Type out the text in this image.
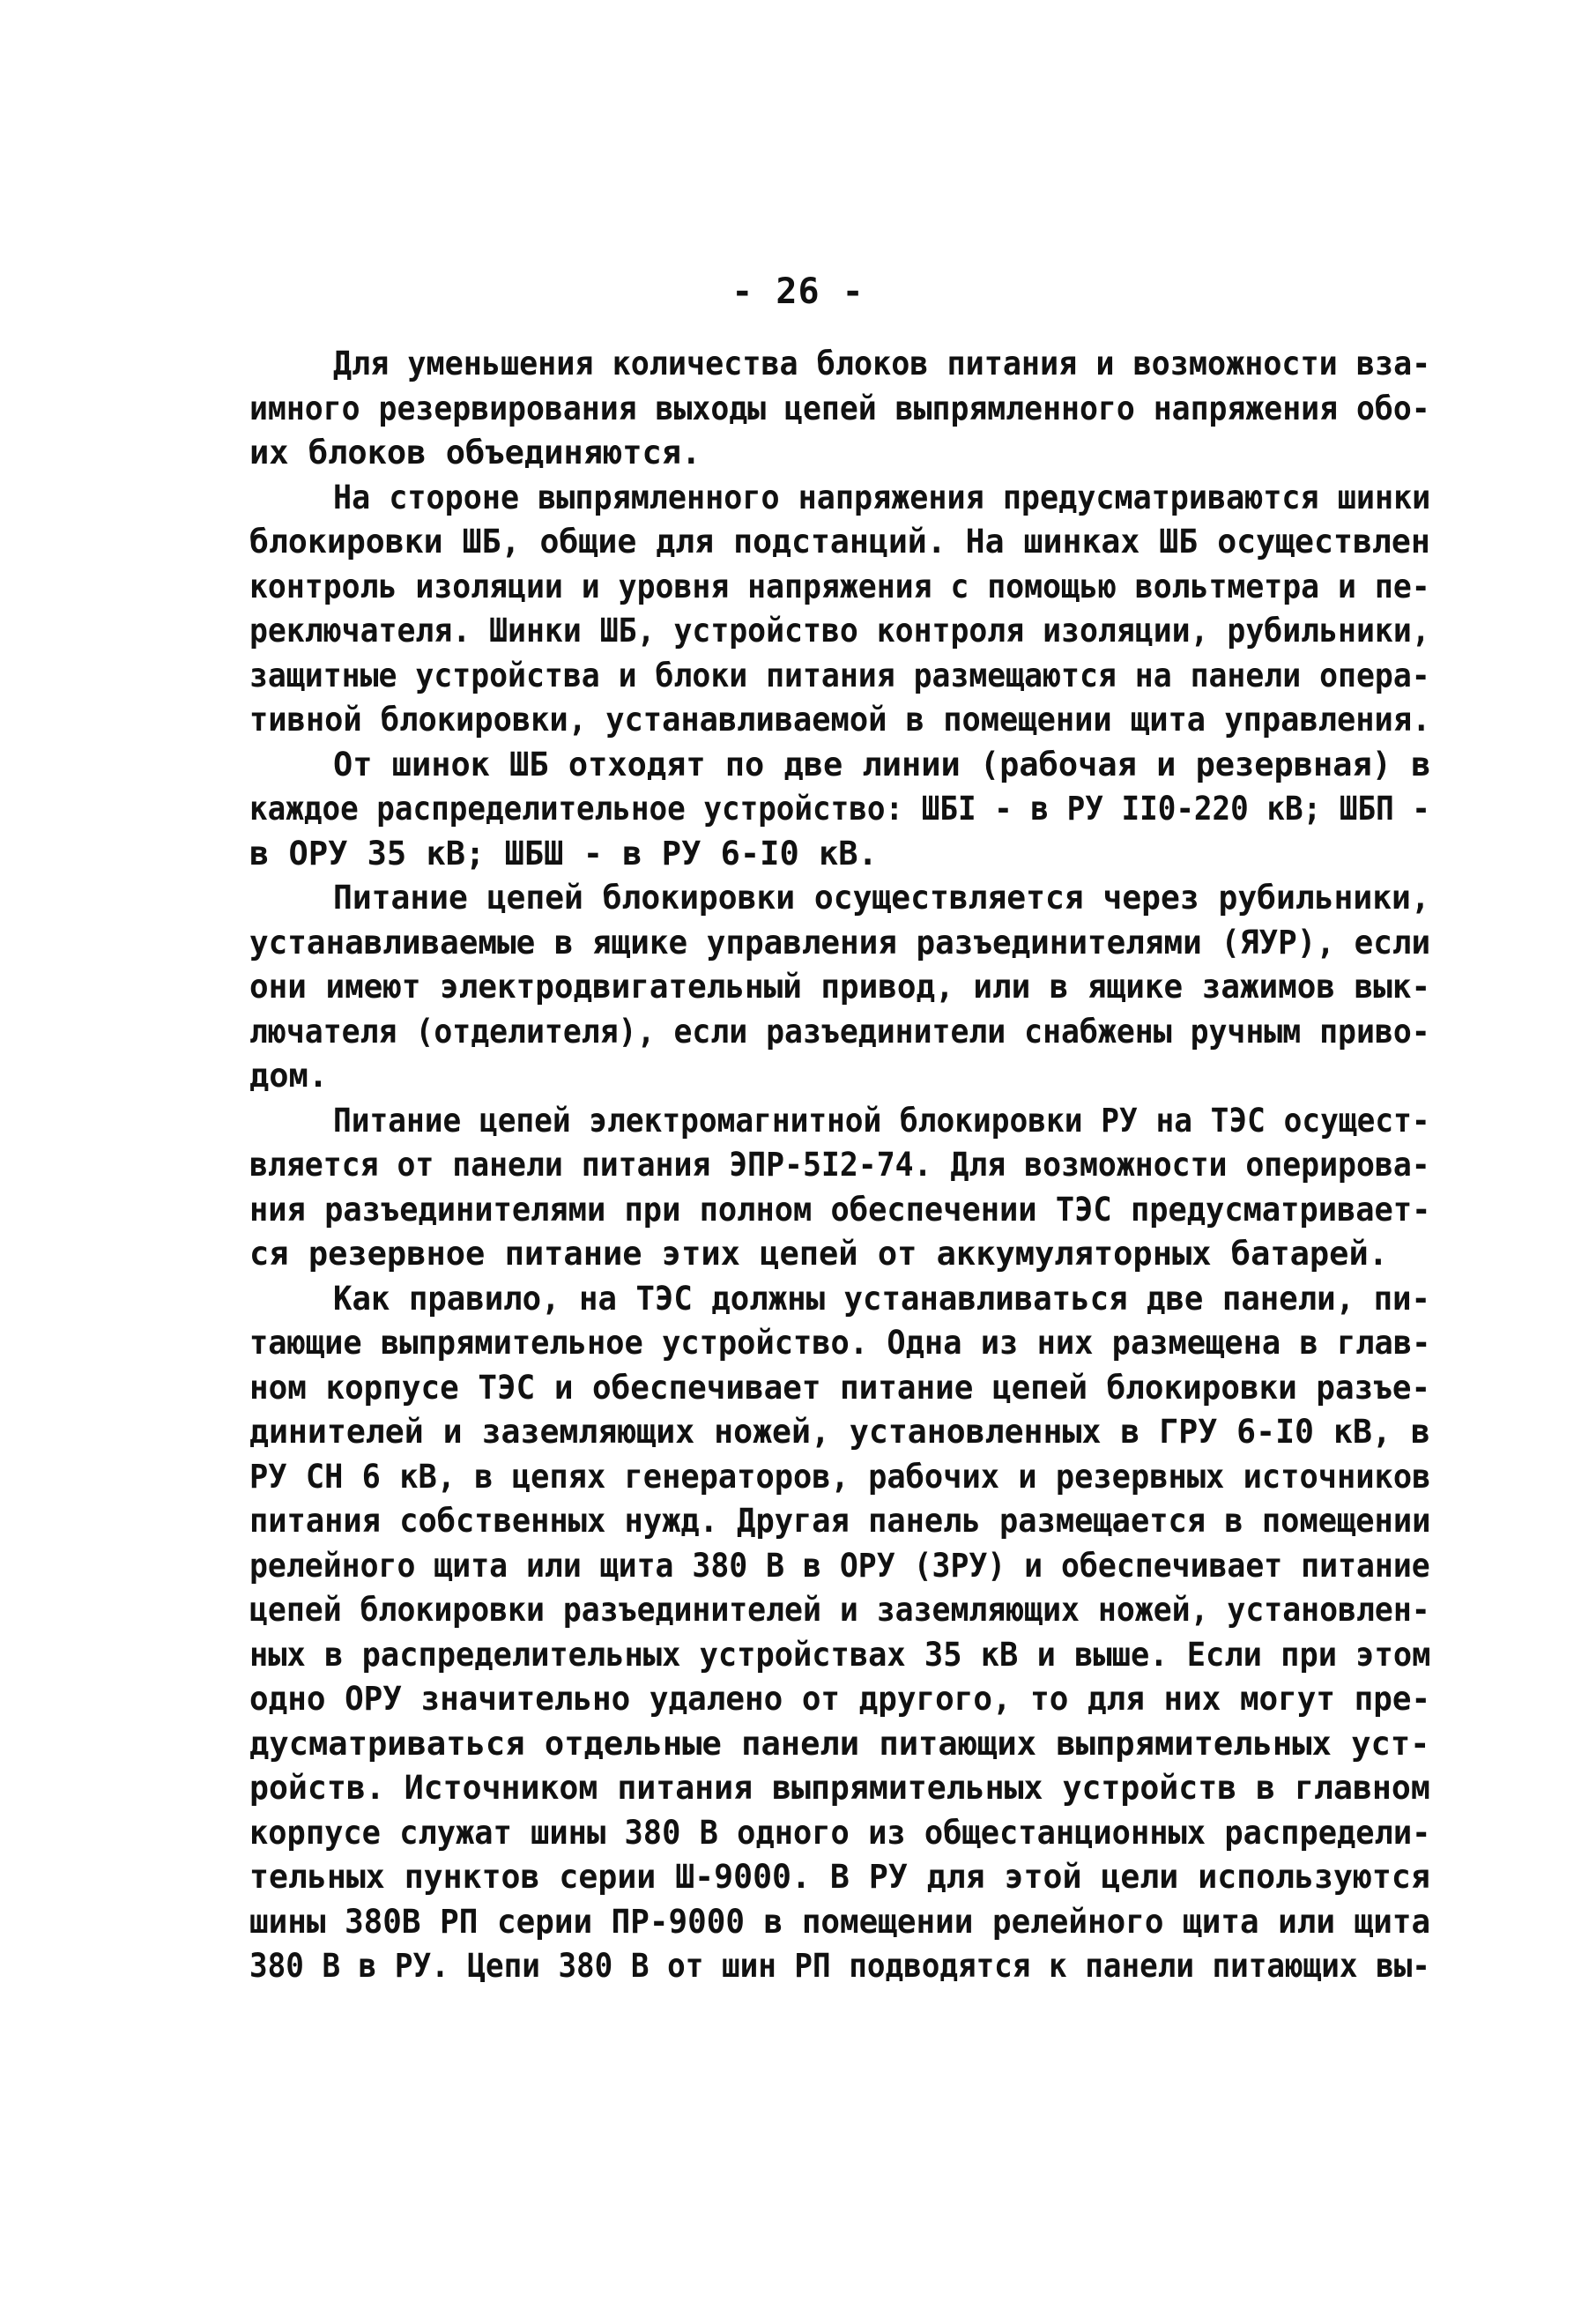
- 26 -
Для уменьшения количества блоков питания и возможности вза-
имного резервирования выходы цепей выпрямленного напряжения обо-
их блоков объединяются.
На стороне выпрямленного напряжения предусматриваются шинки
блокировки ШБ, общие для подстанций. На шинках ШБ осуществлен
контроль изоляции и уровня напряжения с помощью вольтметра и пе-
реключателя. Шинки ШБ, устройство контроля изоляции, рубильники,
защитные устройства и блоки питания размещаются на панели опера-
тивной блокировки, устанавливаемой в помещении щита управления.
От шинок ШБ отходят по две линии (рабочая и резервная) в
каждое распределительное устройство: ШБI - в РУ II0-220 кВ; ШБП -
в ОРУ 35 кВ; ШБШ - в РУ 6-I0 кВ.
Питание цепей блокировки осуществляется через рубильники,
устанавливаемые в ящике управления разъединителями (ЯУР), если
они имеют электродвигательный привод, или в ящике зажимов вык-
лючателя (отделителя), если разъединители снабжены ручным приво-
дом.
Питание цепей электромагнитной блокировки РУ на ТЭС осущест-
вляется от панели питания ЭПР-5I2-74. Для возможности оперирова-
ния разъединителями при полном обеспечении ТЭС предусматривает-
ся резервное питание этих цепей от аккумуляторных батарей.
Как правило, на ТЭС должны устанавливаться две панели, пи-
тающие выпрямительное устройство. Одна из них размещена в глав-
ном корпусе ТЭС и обеспечивает питание цепей блокировки разъе-
динителей и заземляющих ножей, установленных в ГРУ 6-I0 кВ, в
РУ СН 6 кВ, в цепях генераторов, рабочих и резервных источников
питания собственных нужд. Другая панель размещается в помещении
релейного щита или щита 380 В в ОРУ (ЗРУ) и обеспечивает питание
цепей блокировки разъединителей и заземляющих ножей, установлен-
ных в распределительных устройствах 35 кВ и выше. Если при этом
одно ОРУ значительно удалено от другого, то для них могут пре-
дусматриваться отдельные панели питающих выпрямительных уст-
ройств. Источником питания выпрямительных устройств в главном
корпусе служат шины 380 В одного из общестанционных распредели-
тельных пунктов серии Ш-9000. В РУ для этой цели используются
шины 380В РП серии ПР-9000 в помещении релейного щита или щита
380 В в РУ. Цепи 380 В от шин РП подводятся к панели питающих вы-
